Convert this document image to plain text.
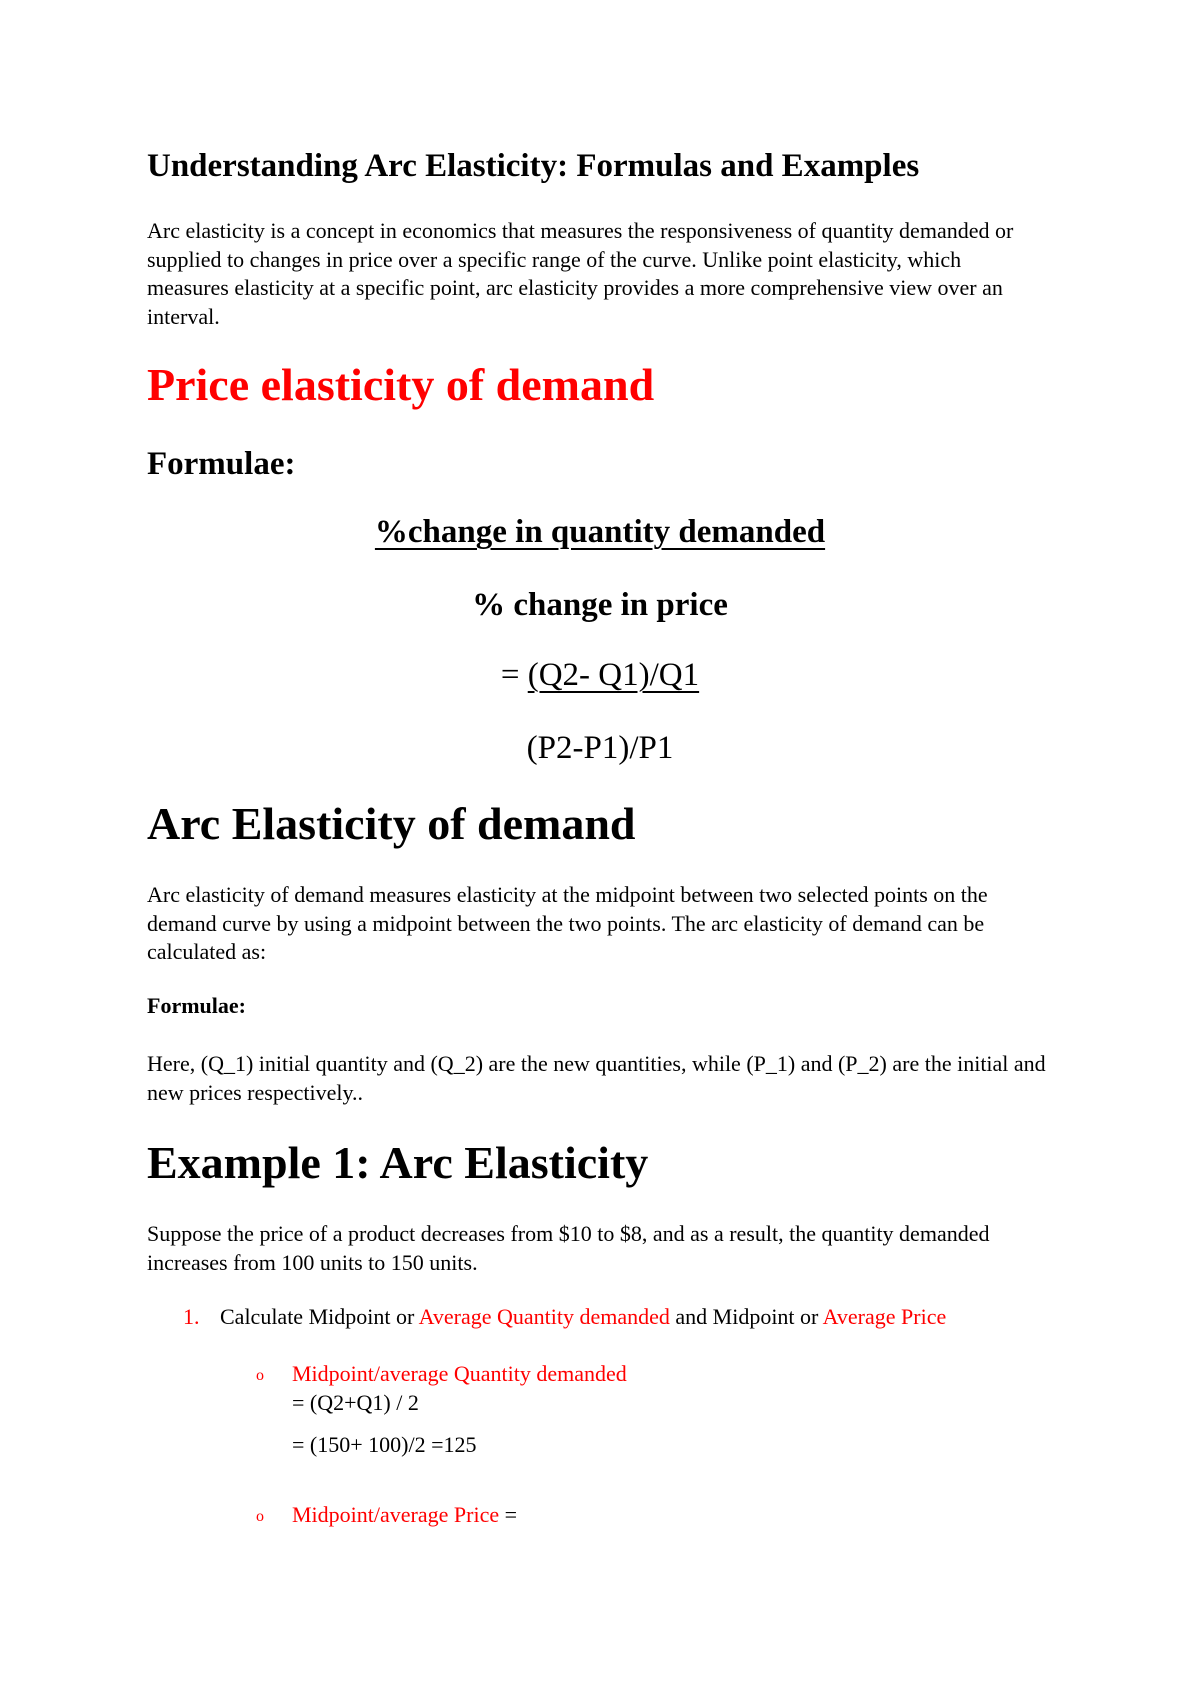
Understanding Arc Elasticity: Formulas and Examples

Arc elasticity is a concept in economics that measures the responsiveness of quantity demanded or supplied to changes in price over a specific range of the curve. Unlike point elasticity, which measures elasticity at a specific point, arc elasticity provides a more comprehensive view over an interval.

Price elasticity of demand
Formulae:
%change in quantity demanded
% change in price
= (Q2- Q1)/Q1
(P2-P1)/P1
Arc Elasticity of demand

Arc elasticity of demand measures elasticity at the midpoint between two selected points on the demand curve by using a midpoint between the two points. The arc elasticity of demand can be calculated as:

Formulae:

Here, (Q_1) initial quantity and (Q_2) are the new quantities, while (P_1) and (P_2) are the initial and new prices respectively..

Example 1: Arc Elasticity

Suppose the price of a product decreases from $10 to $8, and as a result, the quantity demanded increases from 100 units to 150 units.

1. Calculate Midpoint or Average Quantity demanded and Midpoint or Average Price
o Midpoint/average Quantity demanded
= (Q2+Q1) / 2
= (150+ 100)/2 =125
o Midpoint/average Price =
